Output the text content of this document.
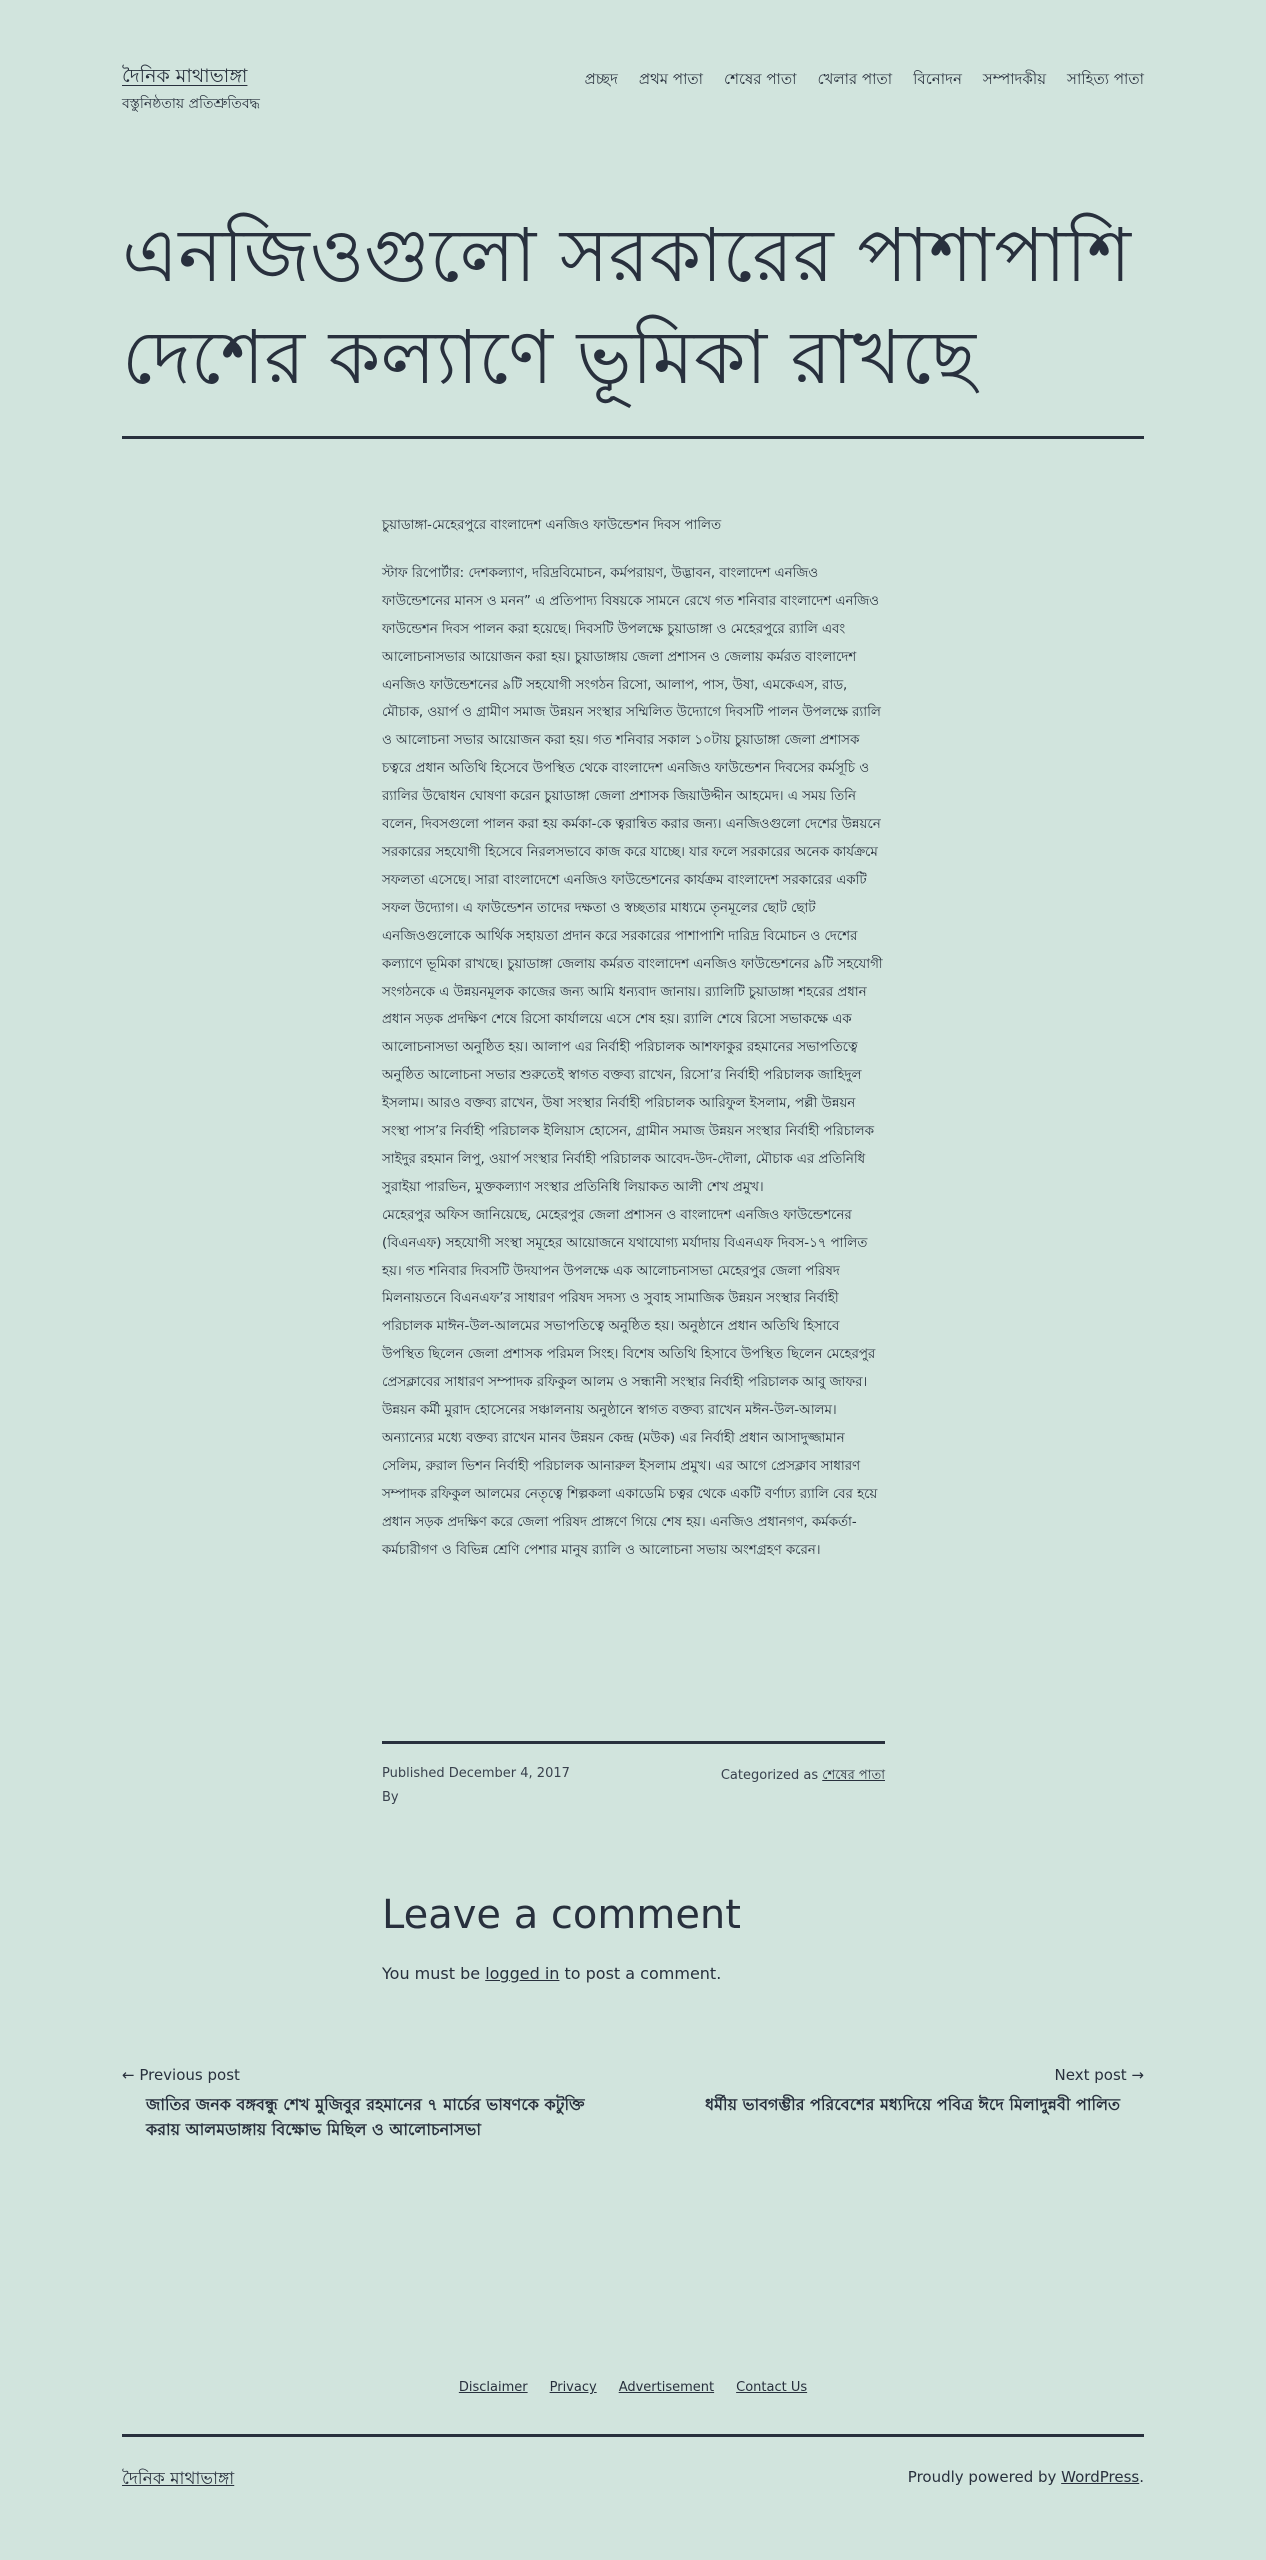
দৈনিক মাথাভাঙ্গা
বস্তুনিষ্ঠতায় প্রতিশ্রুতিবদ্ধ
প্রচ্ছদ প্রথম পাতা শেষের পাতা খেলার পাতা বিনোদন সম্পাদকীয় সাহিত্য পাতা
এনজিওগুলো সরকারের পাশাপাশি দেশের কল্যাণে ভূমিকা রাখছে

চুয়াডাঙ্গা-মেহেরপুরে বাংলাদেশ এনজিও ফাউন্ডেশন দিবস পালিত

স্টাফ রিপোর্টার: দেশকল্যাণ, দরিদ্রবিমোচন, কর্মপরায়ণ, উদ্ভাবন, বাংলাদেশ এনজিও ফাউন্ডেশনের মানস ও মনন” এ প্রতিপাদ্য বিষয়কে সামনে রেখে গত শনিবার বাংলাদেশ এনজিও ফাউন্ডেশন দিবস পালন করা হয়েছে। দিবসটি উপলক্ষে চুয়াডাঙ্গা ও মেহেরপুরে র‌্যালি এবং আলোচনাসভার আয়োজন করা হয়। চুয়াডাঙ্গায় জেলা প্রশাসন ও জেলায় কর্মরত বাংলাদেশ এনজিও ফাউন্ডেশনের ৯টি সহযোগী সংগঠন রিসো, আলাপ, পাস, উষা, এমকেএস, রাড, মৌচাক, ওয়ার্প ও গ্রামীণ সমাজ উন্নয়ন সংস্থার সম্মিলিত উদ্যোগে দিবসটি পালন উপলক্ষে র‌্যালি ও আলোচনা সভার আয়োজন করা হয়। গত শনিবার সকাল ১০টায় চুয়াডাঙ্গা জেলা প্রশাসক চত্বরে প্রধান অতিথি হিসেবে উপস্থিত থেকে বাংলাদেশ এনজিও ফাউন্ডেশন দিবসের কর্মসূচি ও র‌্যালির উদ্বোধন ঘোষণা করেন চুয়াডাঙ্গা জেলা প্রশাসক জিয়াউদ্দীন আহমেদ। এ সময় তিনি বলেন, দিবসগুলো পালন করা হয় কর্মকা-কে ত্বরান্বিত করার জন্য। এনজিওগুলো দেশের উন্নয়নে সরকারের সহযোগী হিসেবে নিরলসভাবে কাজ করে যাচ্ছে। যার ফলে সরকারের অনেক কার্যক্রমে সফলতা এসেছে। সারা বাংলাদেশে এনজিও ফাউন্ডেশনের কার্যক্রম বাংলাদেশ সরকারের একটি সফল উদ্যোগ। এ ফাউন্ডেশন তাদের দক্ষতা ও স্বচ্ছতার মাধ্যমে তৃনমূলের ছোট ছোট এনজিওগুলোকে আর্থিক সহায়তা প্রদান করে সরকারের পাশাপাশি দারিদ্র বিমোচন ও দেশের কল্যাণে ভূমিকা রাখছে। চুয়াডাঙ্গা জেলায় কর্মরত বাংলাদেশ এনজিও ফাউন্ডেশনের ৯টি সহযোগী সংগঠনকে এ উন্নয়নমূলক কাজের জন্য আমি ধন্যবাদ জানায়। র‌্যালিটি চুয়াডাঙ্গা শহরের প্রধান প্রধান সড়ক প্রদক্ষিণ শেষে রিসো কার্যালয়ে এসে শেষ হয়। র‌্যালি শেষে রিসো সভাকক্ষে এক আলোচনাসভা অনুষ্ঠিত হয়। আলাপ এর নির্বাহী পরিচালক আশফাকুর রহমানের সভাপতিত্বে অনুষ্ঠিত আলোচনা সভার শুরুতেই স্বাগত বক্তব্য রাখেন, রিসো’র নির্বাহী পরিচালক জাহিদুল ইসলাম। আরও বক্তব্য রাখেন, উষা সংস্থার নির্বাহী পরিচালক আরিফুল ইসলাম, পল্লী উন্নয়ন সংস্থা পাস’র নির্বাহী পরিচালক ইলিয়াস হোসেন, গ্রামীন সমাজ উন্নয়ন সংস্থার নির্বাহী পরিচালক সাইদুর রহমান লিপু, ওয়ার্প সংস্থার নির্বাহী পরিচালক আবেদ-উদ-দৌলা, মৌচাক এর প্রতিনিধি সুরাইয়া পারভিন, মুক্তকল্যাণ সংস্থার প্রতিনিধি লিয়াকত আলী শেখ প্রমুখ।

মেহেরপুর অফিস জানিয়েছে, মেহেরপুর জেলা প্রশাসন ও বাংলাদেশ এনজিও ফাউন্ডেশনের (বিএনএফ) সহযোগী সংস্থা সমূহের আয়োজনে যথাযোগ্য মর্যাদায় বিএনএফ দিবস-১৭ পালিত হয়। গত শনিবার দিবসটি উদযাপন উপলক্ষে এক আলোচনাসভা মেহেরপুর জেলা পরিষদ মিলনায়তনে বিএনএফ’র সাধারণ পরিষদ সদস্য ও সুবাহ সামাজিক উন্নয়ন সংস্থার নির্বাহী পরিচালক মাঈন-উল-আলমের সভাপতিত্বে অনুষ্ঠিত হয়। অনুষ্ঠানে প্রধান অতিথি হিসাবে উপস্থিত ছিলেন জেলা প্রশাসক পরিমল সিংহ। বিশেষ অতিথি হিসাবে উপস্থিত ছিলেন মেহেরপুর প্রেসক্লাবের সাধারণ সম্পাদক রফিকুল আলম ও সন্ধানী সংস্থার নির্বাহী পরিচালক আবু জাফর। উন্নয়ন কর্মী মুরাদ হোসেনের সঞ্চালনায় অনুষ্ঠানে স্বাগত বক্তব্য রাখেন মঈন-উল-আলম। অন্যান্যের মধ্যে বক্তব্য রাখেন মানব উন্নয়ন কেন্দ্র (মউক) এর নির্বাহী প্রধান আসাদুজ্জামান সেলিম, রুরাল ভিশন নির্বাহী পরিচালক আনারুল ইসলাম প্রমুখ। এর আগে প্রেসক্লাব সাধারণ সম্পাদক রফিকুল আলমের নেতৃত্বে শিল্পকলা একাডেমি চত্বর থেকে একটি বর্ণাঢ্য র‌্যালি বের হয়ে প্রধান সড়ক প্রদক্ষিণ করে জেলা পরিষদ প্রাঙ্গণে গিয়ে শেষ হয়। এনজিও প্রধানগণ, কর্মকর্তা-কর্মচারীগণ ও বিভিন্ন শ্রেণি পেশার মানুষ র‌্যালি ও আলোচনা সভায় অংশগ্রহণ করেন।

Published December 4, 2017
By
Categorized as শেষের পাতা
Leave a comment
You must be logged in to post a comment.
← Previous post
জাতির জনক বঙ্গবন্ধু শেখ মুজিবুর রহমানের ৭ মার্চের ভাষণকে কটুক্তি করায় আলমডাঙ্গায় বিক্ষোভ মিছিল ও আলোচনাসভা
Next post →
ধর্মীয় ভাবগম্ভীর পরিবেশের মধ্যদিয়ে পবিত্র ঈদে মিলাদুন্নবী পালিত
Disclaimer Privacy Advertisement Contact Us
দৈনিক মাথাভাঙ্গা	Proudly powered by WordPress.
